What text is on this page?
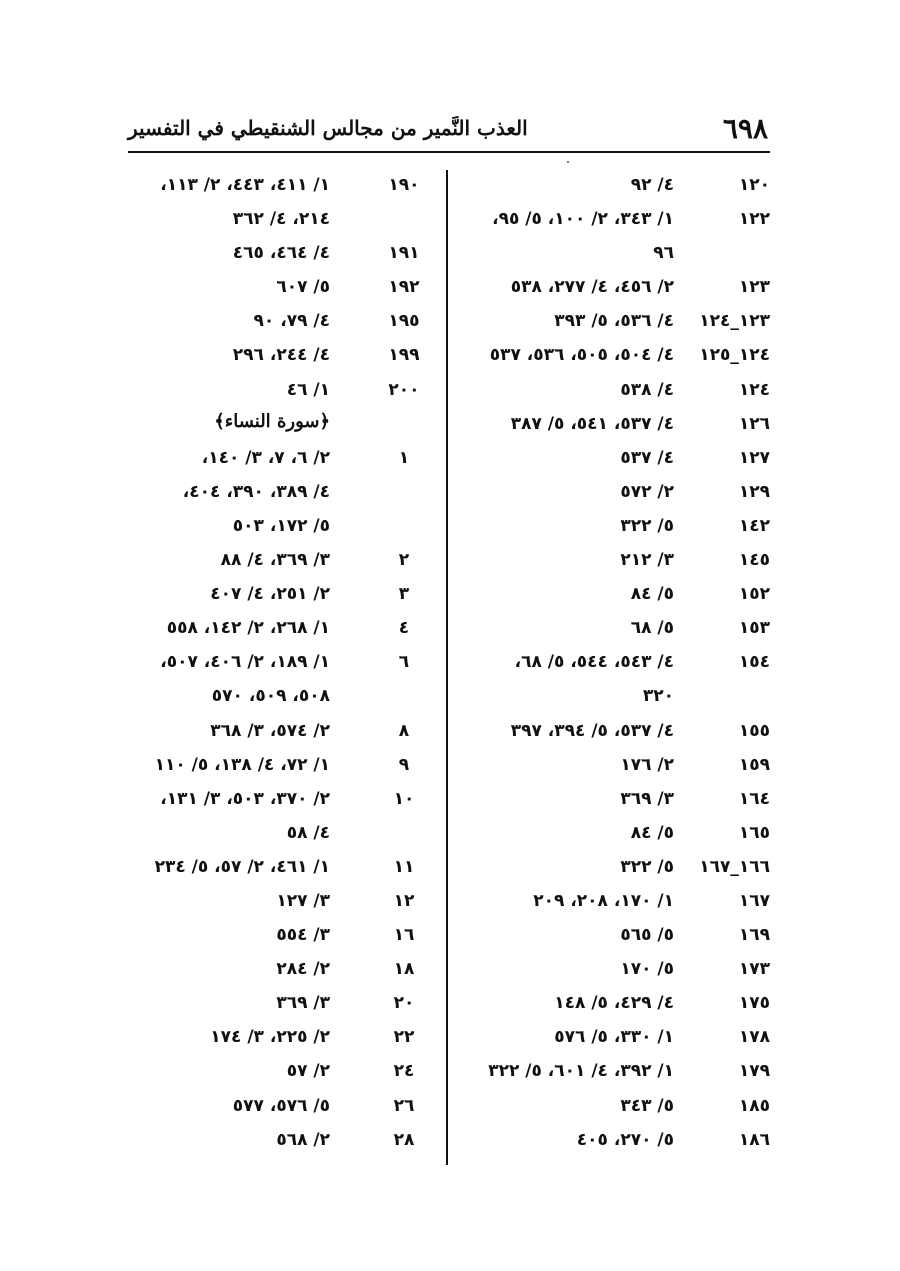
٦٩٨
العذب النَّمير من مجالس الشنقيطي في التفسير
١٢٠
٤/ ٩٢
١٢٢
١/ ٣٤٣، ٢/ ١٠٠، ٥/ ٩٥،
٩٦
١٢٣
٢/ ٤٥٦، ٤/ ٢٧٧، ٥٣٨
١٢٣_١٢٤
٤/ ٥٣٦، ٥/ ٣٩٣
١٢٤_١٢٥
٤/ ٥٠٤، ٥٠٥، ٥٣٦، ٥٣٧
١٢٤
٤/ ٥٣٨
١٢٦
٤/ ٥٣٧، ٥٤١، ٥/ ٣٨٧
١٢٧
٤/ ٥٣٧
١٢٩
٢/ ٥٧٢
١٤٢
٥/ ٣٢٢
١٤٥
٣/ ٢١٢
١٥٢
٥/ ٨٤
١٥٣
٥/ ٦٨
١٥٤
٤/ ٥٤٣، ٥٤٤، ٥/ ٦٨،
٣٢٠
١٥٥
٤/ ٥٣٧، ٥/ ٣٩٤، ٣٩٧
١٥٩
٢/ ١٧٦
١٦٤
٣/ ٣٦٩
١٦٥
٥/ ٨٤
١٦٦_١٦٧
٥/ ٣٢٢
١٦٧
١/ ١٧٠، ٢٠٨، ٢٠٩
١٦٩
٥/ ٥٦٥
١٧٣
٥/ ١٧٠
١٧٥
٤/ ٤٢٩، ٥/ ١٤٨
١٧٨
١/ ٣٣٠، ٥/ ٥٧٦
١٧٩
١/ ٣٩٢، ٤/ ٦٠١، ٥/ ٣٢٢
١٨٥
٥/ ٣٤٣
١٨٦
٥/ ٢٧٠، ٤٠٥
١٩٠
١/ ٤١١، ٤٤٣، ٢/ ١١٣،
٢١٤، ٤/ ٣٦٢
١٩١
٤/ ٤٦٤، ٤٦٥
١٩٢
٥/ ٦٠٧
١٩٥
٤/ ٧٩، ٩٠
١٩٩
٤/ ٢٤٤، ٢٩٦
٢٠٠
١/ ٤٦
﴿سورة النساء﴾
١
٢/ ٦، ٧، ٣/ ١٤٠،
٤/ ٣٨٩، ٣٩٠، ٤٠٤،
٥/ ١٧٢، ٥٠٣
٢
٣/ ٣٦٩، ٤/ ٨٨
٣
٢/ ٢٥١، ٤/ ٤٠٧
٤
١/ ٢٦٨، ٢/ ١٤٢، ٥٥٨
٦
١/ ١٨٩، ٢/ ٤٠٦، ٥٠٧،
٥٠٨، ٥٠٩، ٥٧٠
٨
٢/ ٥٧٤، ٣/ ٣٦٨
٩
١/ ٧٢، ٤/ ١٣٨، ٥/ ١١٠
١٠
٢/ ٣٧٠، ٥٠٣، ٣/ ١٣١،
٤/ ٥٨
١١
١/ ٤٦١، ٢/ ٥٧، ٥/ ٢٣٤
١٢
٣/ ١٢٧
١٦
٣/ ٥٥٤
١٨
٢/ ٢٨٤
٢٠
٣/ ٣٦٩
٢٢
٢/ ٢٢٥، ٣/ ١٧٤
٢٤
٢/ ٥٧
٢٦
٥/ ٥٧٦، ٥٧٧
٢٨
٢/ ٥٦٨
